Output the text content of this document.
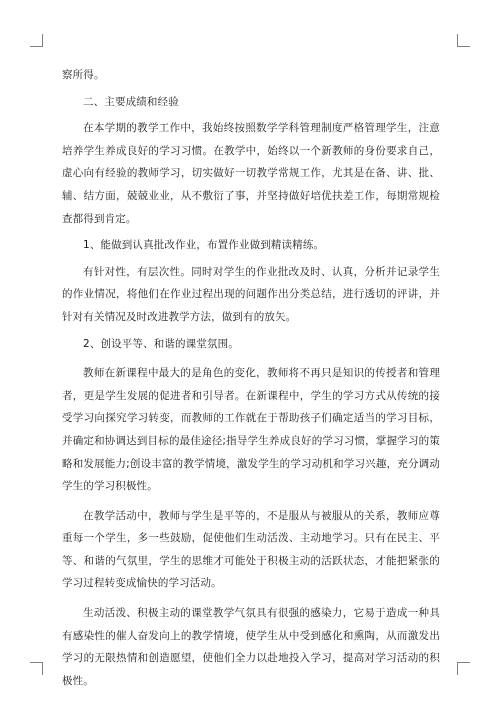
察所得。

二、主要成绩和经验

在本学期的教学工作中，我始终按照数学学科管理制度严格管理学生，注意培养学生养成良好的学习习惯。在教学中，始终以一个新教师的身份要求自己，虚心向有经验的教师学习，切实做好一切教学常规工作，尤其是在备、讲、批、辅、结方面，兢兢业业，从不敷衍了事，并坚持做好培优扶差工作，每期常规检查都得到肯定。

1、能做到认真批改作业，布置作业做到精读精练。

有针对性，有层次性。同时对学生的作业批改及时、认真，分析并记录学生的作业情况，将他们在作业过程出现的问题作出分类总结，进行透切的评讲，并针对有关情况及时改进教学方法，做到有的放矢。

2、创设平等、和谐的课堂氛围。

教师在新课程中最大的是角色的变化，教师将不再只是知识的传授者和管理者，更是学生发展的促进者和引导者。在新课程中，学生的学习方式从传统的接受学习向探究学习转变，而教师的工作就在于帮助孩子们确定适当的学习目标，并确定和协调达到目标的最佳途径;指导学生养成良好的学习习惯，掌握学习的策略和发展能力;创设丰富的教学情境，激发学生的学习动机和学习兴趣，充分调动学生的学习积极性。

在教学活动中，教师与学生是平等的，不是服从与被服从的关系，教师应尊重每一个学生，多一些鼓励，促使他们生动活泼、主动地学习。只有在民主、平等、和谐的气氛里，学生的思维才可能处于积极主动的活跃状态，才能把紧张的学习过程转变成愉快的学习活动。

生动活泼、积极主动的课堂教学气氛具有很强的感染力，它易于造成一种具有感染性的催人奋发向上的教学情境，使学生从中受到感化和熏陶，从而激发出学习的无限热情和创造愿望，使他们全力以赴地投入学习，提高对学习活动的积极性。
